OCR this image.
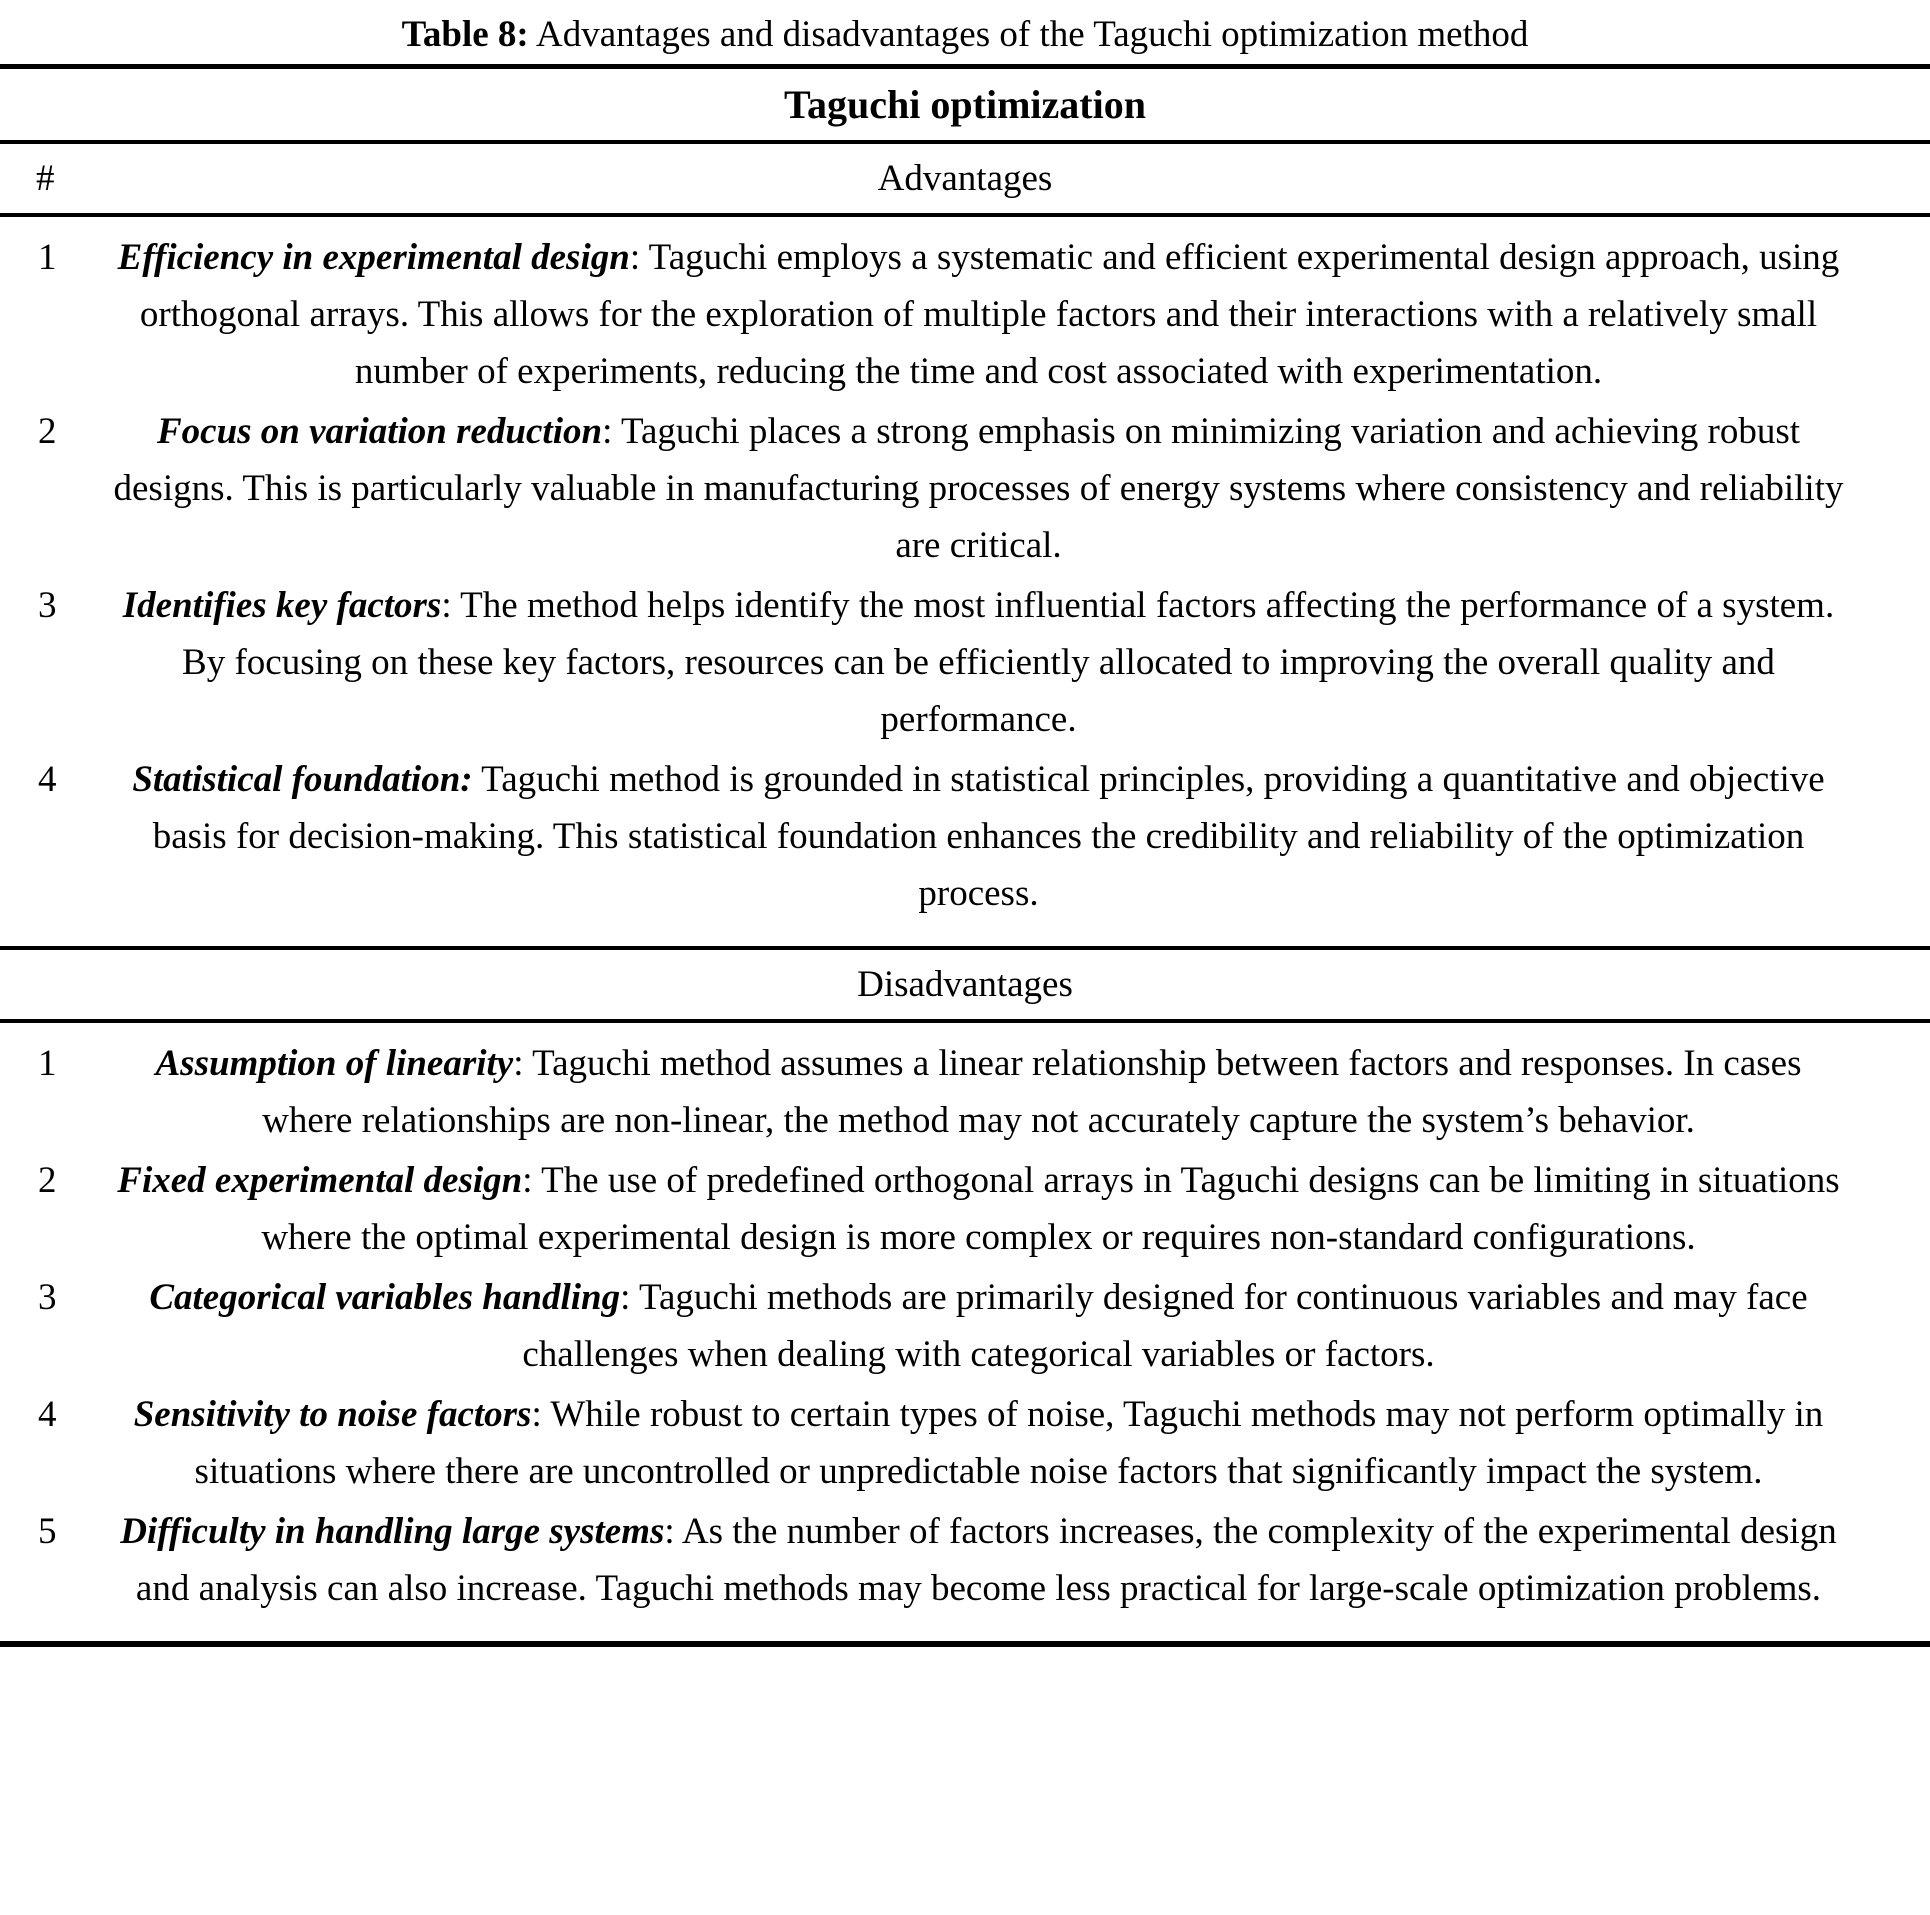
Table 8: Advantages and disadvantages of the Taguchi optimization method
Taguchi optimization
#	Advantages
1 Efficiency in experimental design: Taguchi employs a systematic and efficient experimental design approach, using orthogonal arrays. This allows for the exploration of multiple factors and their interactions with a relatively small number of experiments, reducing the time and cost associated with experimentation.
2	Focus on variation reduction: Taguchi places a strong emphasis on minimizing variation and achieving robust designs. This is particularly valuable in manufacturing processes of energy systems where consistency and reliability are critical.
3 Identifies key factors: The method helps identify the most influential factors affecting the performance of a system. By focusing on these key factors, resources can be efficiently allocated to improving the overall quality and performance.
4	Statistical foundation: Taguchi method is grounded in statistical principles, providing a quantitative and objective basis for decision-making. This statistical foundation enhances the credibility and reliability of the optimization process.
Disadvantages
1	Assumption of linearity: Taguchi method assumes a linear relationship between factors and responses. In cases where relationships are non-linear, the method may not accurately capture the system’s behavior.
2 Fixed experimental design: The use of predefined orthogonal arrays in Taguchi designs can be limiting in situations where the optimal experimental design is more complex or requires non-standard configurations.
3	Categorical variables handling: Taguchi methods are primarily designed for continuous variables and may face challenges when dealing with categorical variables or factors.
4	Sensitivity to noise factors: While robust to certain types of noise, Taguchi methods may not perform optimally in situations where there are uncontrolled or unpredictable noise factors that significantly impact the system.
5 Difficulty in handling large systems: As the number of factors increases, the complexity of the experimental design and analysis can also increase. Taguchi methods may become less practical for large-scale optimization problems.
